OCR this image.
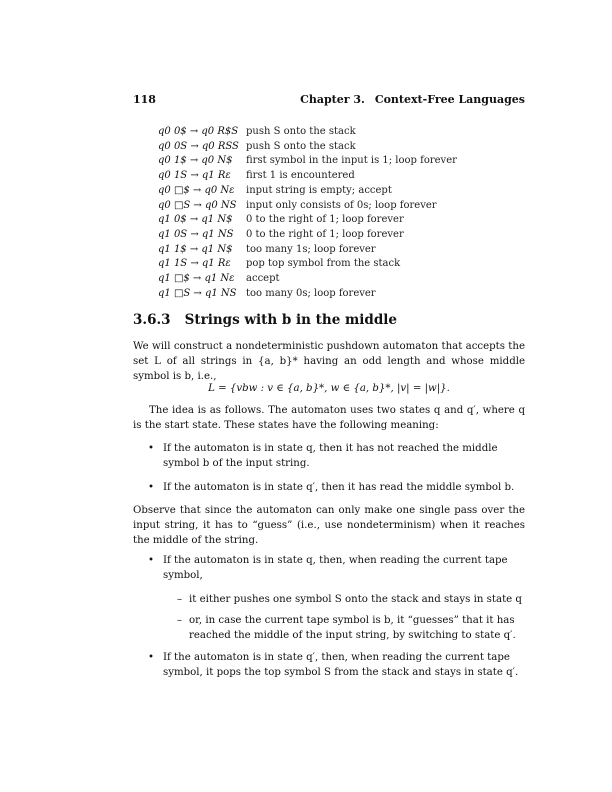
118	Chapter 3. Context-Free Languages
q0 0$ → q0 R$S	push S onto the stack
q0 0S → q0 RSS	push S onto the stack
q0 1$ → q0 N$	first symbol in the input is 1; loop forever
q0 1S → q1 Rε	first 1 is encountered
q0 □$ → q0 Nε	input string is empty; accept
q0 □S → q0 NS	input only consists of 0s; loop forever
q1 0$ → q1 N$	0 to the right of 1; loop forever
q1 0S → q1 NS	0 to the right of 1; loop forever
q1 1$ → q1 N$	too many 1s; loop forever
q1 1S → q1 Rε	pop top symbol from the stack
q1 □$ → q1 Nε	accept
q1 □S → q1 NS	too many 0s; loop forever
3.6.3 Strings with b in the middle
We will construct a nondeterministic pushdown automaton that accepts the set L of all strings in {a, b}* having an odd length and whose middle symbol is b, i.e.,
L = {vbw : v ∈ {a, b}*, w ∈ {a, b}*, |v| = |w|}.
The idea is as follows. The automaton uses two states q and q′, where q is the start state. These states have the following meaning:
• If the automaton is in state q, then it has not reached the middle symbol b of the input string.
• If the automaton is in state q′, then it has read the middle symbol b.
Observe that since the automaton can only make one single pass over the input string, it has to “guess” (i.e., use nondeterminism) when it reaches the middle of the string.
• If the automaton is in state q, then, when reading the current tape symbol,
– it either pushes one symbol S onto the stack and stays in state q
– or, in case the current tape symbol is b, it “guesses” that it has reached the middle of the input string, by switching to state q′.
• If the automaton is in state q′, then, when reading the current tape symbol, it pops the top symbol S from the stack and stays in state q′.
